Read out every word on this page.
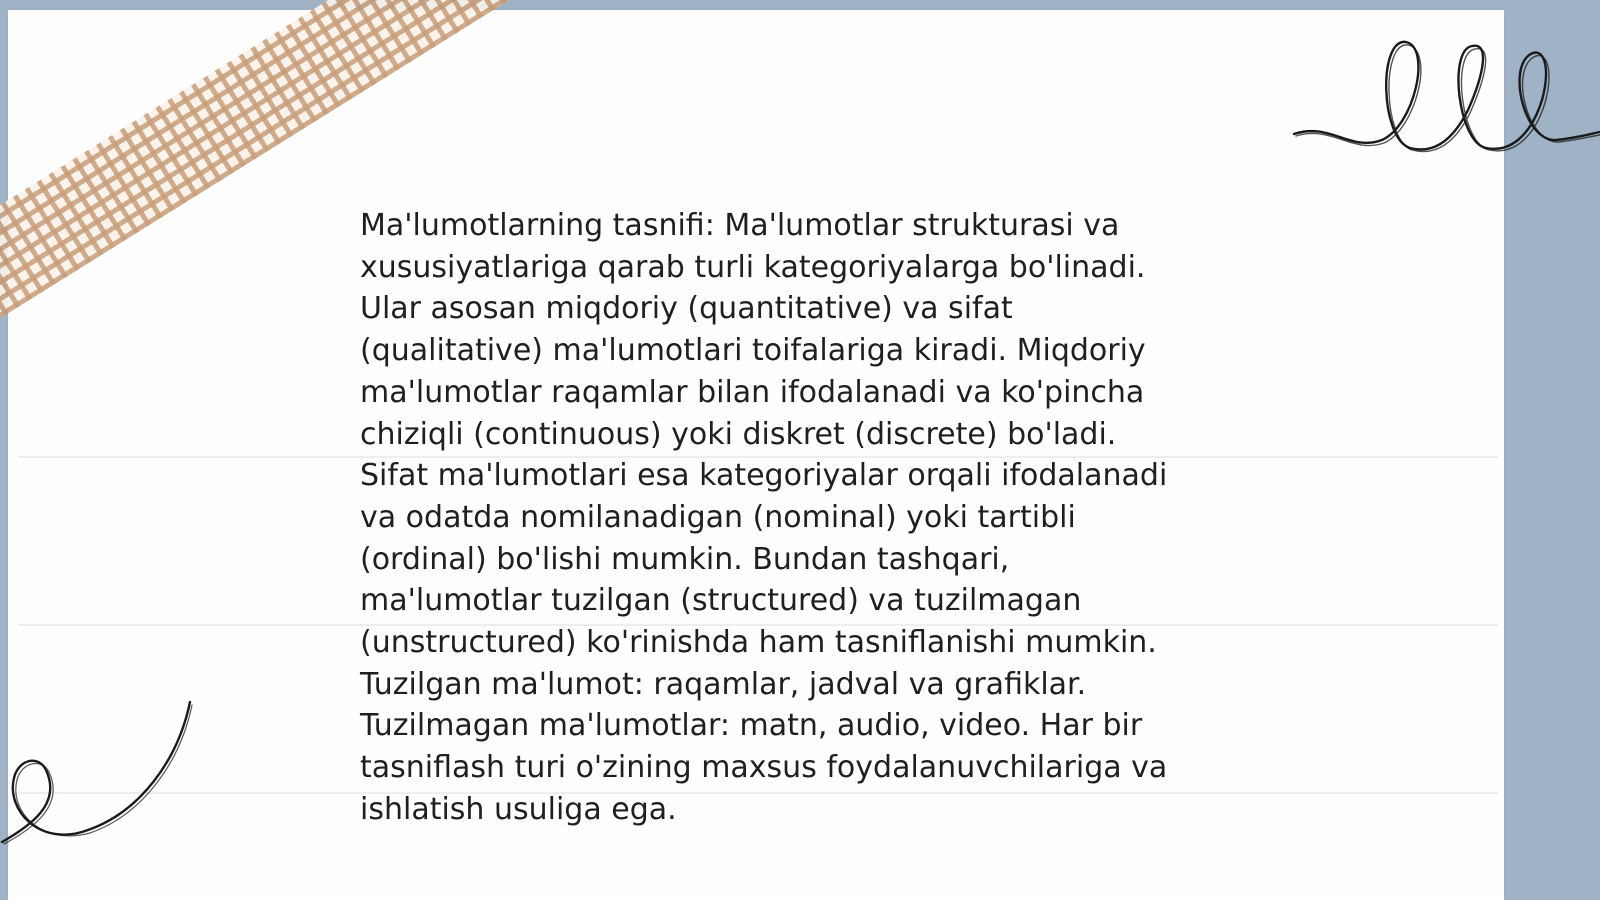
Ma'lumotlarning tasnifi: Ma'lumotlar strukturasi va
xususiyatlariga qarab turli kategoriyalarga bo'linadi.
Ular asosan miqdoriy (quantitative) va sifat
(qualitative) ma'lumotlari toifalariga kiradi. Miqdoriy
ma'lumotlar raqamlar bilan ifodalanadi va ko'pincha
chiziqli (continuous) yoki diskret (discrete) bo'ladi.
Sifat ma'lumotlari esa kategoriyalar orqali ifodalanadi
va odatda nomilanadigan (nominal) yoki tartibli
(ordinal) bo'lishi mumkin. Bundan tashqari,
ma'lumotlar tuzilgan (structured) va tuzilmagan
(unstructured) ko'rinishda ham tasniflanishi mumkin.
Tuzilgan ma'lumot: raqamlar, jadval va grafiklar.
Tuzilmagan ma'lumotlar: matn, audio, video. Har bir
tasniflash turi o'zining maxsus foydalanuvchilariga va
ishlatish usuliga ega.
